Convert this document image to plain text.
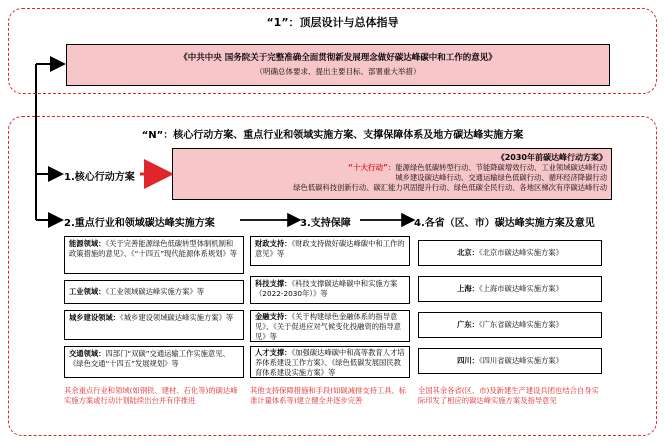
“1”：顶层设计与总体指导
《中共中央 国务院关于完整准确全面贯彻新发展理念做好碳达峰碳中和工作的意见》
（明确总体要求、提出主要目标、部署重大举措）
“N”：核心行动方案、重点行业和领域实施方案、支撑保障体系及地方碳达峰实施方案
1.核心行动方案
《2030年前碳达峰行动方案》
“十大行动”：能源绿色低碳转型行动、节能降碳增效行动、工业领域碳达峰行动
城乡建设碳达峰行动、交通运输绿色低碳行动、循环经济降碳行动
绿色低碳科技创新行动、碳汇能力巩固提升行动、绿色低碳全民行动、各地区梯次有序碳达峰行动
2.重点行业和领域碳达峰实施方案	3.支持保障	4.各省（区、市）碳达峰实施方案及意见
能源领域：《关于完善能源绿色低碳转型体制机制和政策措施的意见》、《“十四五”现代能源体系规划》等
工业领域：《工业领域碳达峰实施方案》等
城乡建设领域：《城乡建设领域碳达峰实施方案》等
交通领域：四部门“双碳”交通运输工作实施意见、《绿色交通“十四五”发展规划》等
财政支持：《财政支持做好碳达峰碳中和工作的意见》等
科技支撑：《科技支撑碳达峰碳中和实施方案（2022-2030年）》等
金融支持：《关于构建绿色金融体系的指导意见》、《关于促进应对气候变化投融资的指导意见》等
人才支撑：《加强碳达峰碳中和高等教育人才培养体系建设工作方案》、《绿色低碳发展国民教育体系建设实施方案》等
北京：《北京市碳达峰实施方案》
上海：《上海市碳达峰实施方案》
广东：《广东省碳达峰实施方案》
四川：《四川省碳达峰实施方案》
其余重点行业和领域(如钢铁、建材、石化等)的碳达峰实施方案或行动计划陆续出台并有序推进
其他支持保障措施和手段(如碳减排支持工具、标准计量体系等)建立健全并逐步完善
全国其余各省(区、市)及新建生产建设兵团也结合自身实际印发了相应的碳达峰实施方案及指导意见
